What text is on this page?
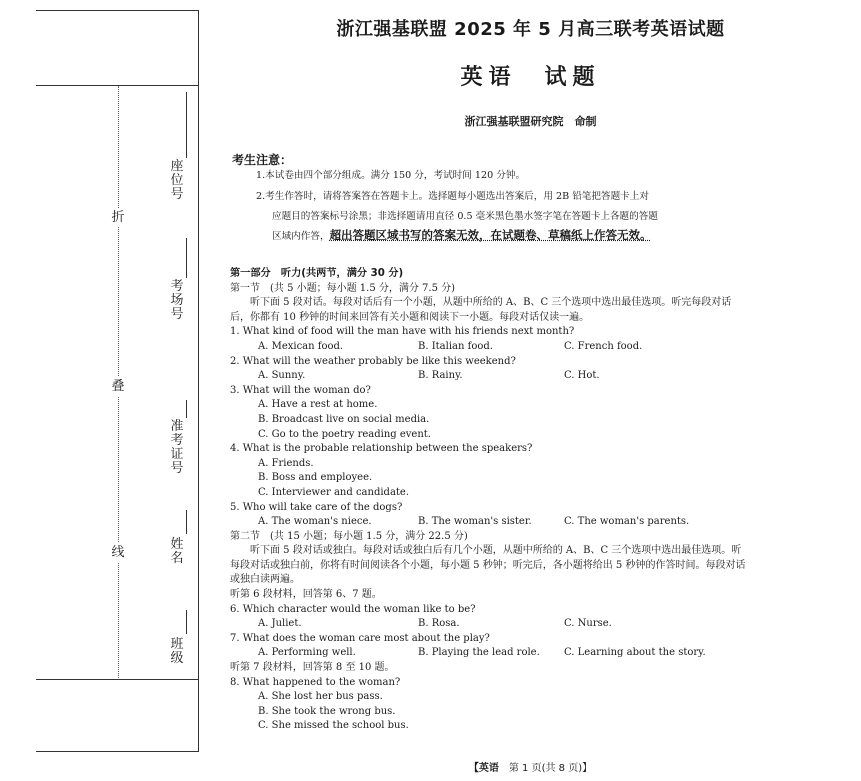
折
叠
线
座位号
考场号
准考证号
姓名
班级
浙江强基联盟 2025 年 5 月高三联考英语试题
英语　试题
浙江强基联盟研究院　命制
考生注意：
1.本试卷由四个部分组成。满分 150 分，考试时间 120 分钟。
2.考生作答时，请将答案答在答题卡上。选择题每小题选出答案后，用 2B 铅笔把答题卡上对
应题目的答案标号涂黑；非选择题请用直径 0.5 毫米黑色墨水签字笔在答题卡上各题的答题
区域内作答，超出答题区域书写的答案无效，在试题卷、草稿纸上作答无效。
第一部分　听力(共两节，满分 30 分)
第一节　(共 5 小题；每小题 1.5 分，满分 7.5 分)
听下面 5 段对话。每段对话后有一个小题，从题中所给的 A、B、C 三个选项中选出最佳选项。听完每段对话后，你都有 10 秒钟的时间来回答有关小题和阅读下一小题。每段对话仅读一遍。
1. What kind of food will the man have with his friends next month?
A. Mexican food.	B. Italian food.	C. French food.
2. What will the weather probably be like this weekend?
A. Sunny.	B. Rainy.	C. Hot.
3. What will the woman do?
A. Have a rest at home.
B. Broadcast live on social media.
C. Go to the poetry reading event.
4. What is the probable relationship between the speakers?
A. Friends.
B. Boss and employee.
C. Interviewer and candidate.
5. Who will take care of the dogs?
A. The woman's niece.	B. The woman's sister.	C. The woman's parents.
第二节　(共 15 小题；每小题 1.5 分，满分 22.5 分)
听下面 5 段对话或独白。每段对话或独白后有几个小题，从题中所给的 A、B、C 三个选项中选出最佳选项。听每段对话或独白前，你将有时间阅读各个小题，每小题 5 秒钟；听完后，各小题将给出 5 秒钟的作答时间。每段对话或独白读两遍。
听第 6 段材料，回答第 6、7 题。
6. Which character would the woman like to be?
A. Juliet.	B. Rosa.	C. Nurse.
7. What does the woman care most about the play?
A. Performing well.	B. Playing the lead role.	C. Learning about the story.
听第 7 段材料，回答第 8 至 10 题。
8. What happened to the woman?
A. She lost her bus pass.
B. She took the wrong bus.
C. She missed the school bus.
【英语　 第 1 页(共 8 页)】
